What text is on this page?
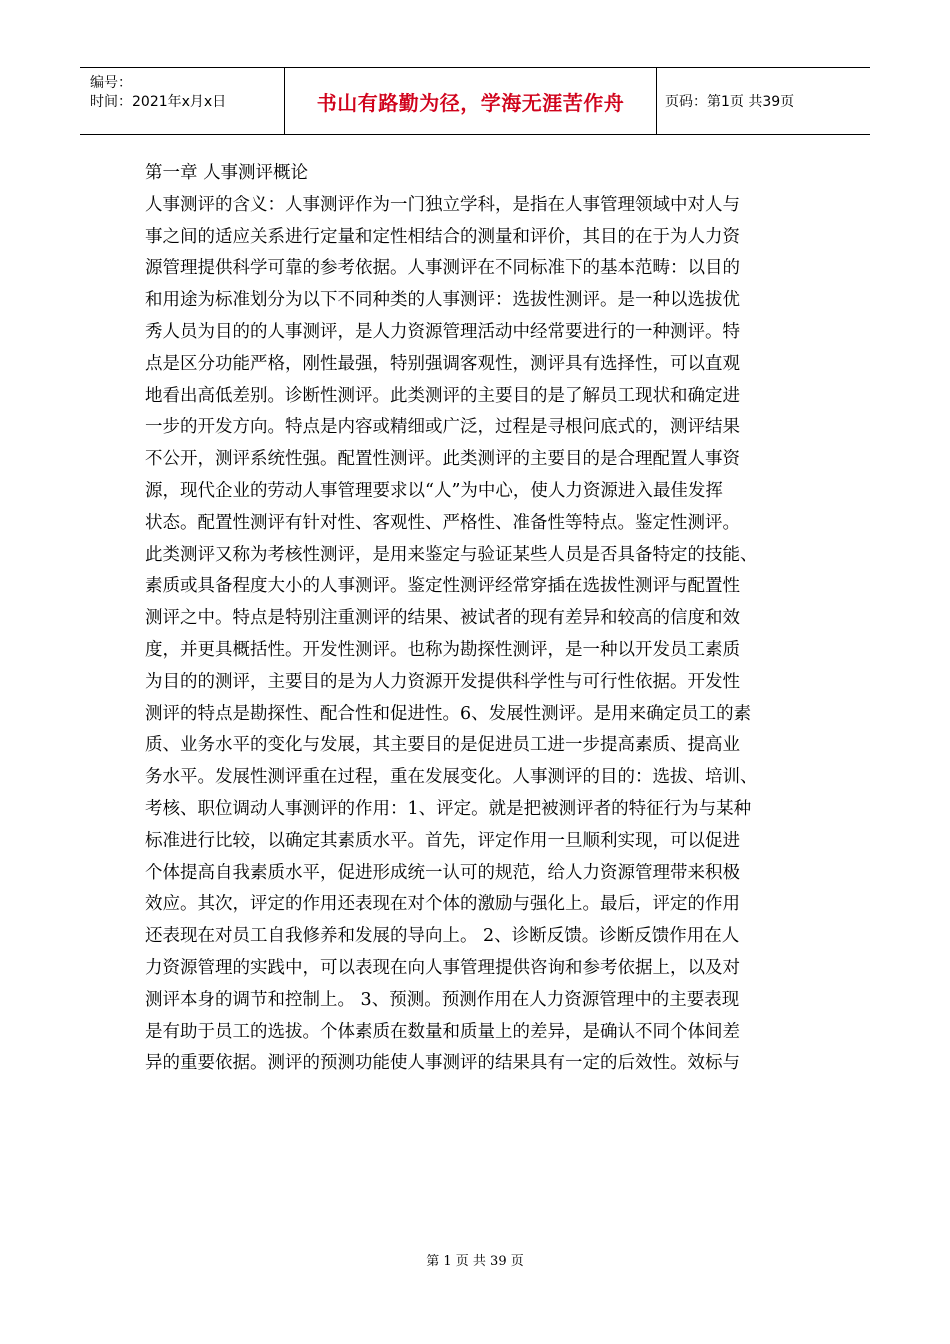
编号：
时间：2021年x月x日	书山有路勤为径，学海无涯苦作舟	页码：第1页 共39页
第一章 人事测评概论
人事测评的含义：人事测评作为一门独立学科，是指在人事管理领域中对人与
事之间的适应关系进行定量和定性相结合的测量和评价，其目的在于为人力资
源管理提供科学可靠的参考依据。人事测评在不同标准下的基本范畴：以目的
和用途为标准划分为以下不同种类的人事测评：选拔性测评。是一种以选拔优
秀人员为目的的人事测评，是人力资源管理活动中经常要进行的一种测评。特
点是区分功能严格，刚性最强，特别强调客观性，测评具有选择性，可以直观
地看出高低差别。诊断性测评。此类测评的主要目的是了解员工现状和确定进
一步的开发方向。特点是内容或精细或广泛，过程是寻根问底式的，测评结果
不公开，测评系统性强。配置性测评。此类测评的主要目的是合理配置人事资
源，现代企业的劳动人事管理要求以“人”为中心，使人力资源进入最佳发挥
状态。配置性测评有针对性、客观性、严格性、准备性等特点。鉴定性测评。
此类测评又称为考核性测评，是用来鉴定与验证某些人员是否具备特定的技能、
素质或具备程度大小的人事测评。鉴定性测评经常穿插在选拔性测评与配置性
测评之中。特点是特别注重测评的结果、被试者的现有差异和较高的信度和效
度，并更具概括性。开发性测评。也称为勘探性测评，是一种以开发员工素质
为目的的测评，主要目的是为人力资源开发提供科学性与可行性依据。开发性
测评的特点是勘探性、配合性和促进性。6、发展性测评。是用来确定员工的素
质、业务水平的变化与发展，其主要目的是促进员工进一步提高素质、提高业
务水平。发展性测评重在过程，重在发展变化。人事测评的目的：选拔、培训、
考核、职位调动人事测评的作用：1、评定。就是把被测评者的特征行为与某种
标准进行比较，以确定其素质水平。首先，评定作用一旦顺利实现，可以促进
个体提高自我素质水平，促进形成统一认可的规范，给人力资源管理带来积极
效应。其次，评定的作用还表现在对个体的激励与强化上。最后，评定的作用
还表现在对员工自我修养和发展的导向上。 2、诊断反馈。诊断反馈作用在人
力资源管理的实践中，可以表现在向人事管理提供咨询和参考依据上，以及对
测评本身的调节和控制上。 3、预测。预测作用在人力资源管理中的主要表现
是有助于员工的选拔。个体素质在数量和质量上的差异，是确认不同个体间差
异的重要依据。测评的预测功能使人事测评的结果具有一定的后效性。效标与
第 1 页 共 39 页
